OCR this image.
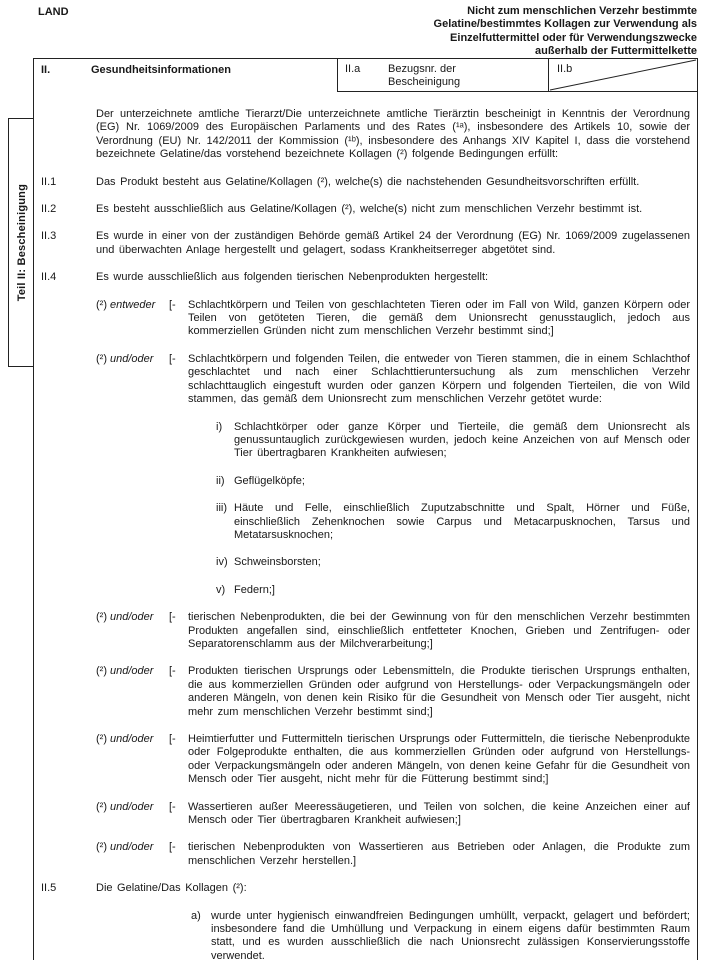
LAND	Nicht zum menschlichen Verzehr bestimmte
Gelatine/bestimmtes Kollagen zur Verwendung als
Einzelfuttermittel oder für Verwendungszwecke
außerhalb der Futtermittelkette
Teil II: Bescheinigung
II.	Gesundheitsinformationen	II.a	Bezugsnr. der Bescheinigung
II.b
Der unterzeichnete amtliche Tierarzt/Die unterzeichnete amtliche Tierärztin bescheinigt in Kenntnis der Verordnung (EG) Nr. 1069/2009 des Europäischen Parlaments und des Rates (¹ᵃ), insbesondere des Artikels 10, sowie der Verordnung (EU) Nr. 142/2011 der Kommission (¹ᵇ), insbesondere des Anhangs XIV Kapitel I, dass die vorstehend bezeichnete Gelatine/das vorstehend bezeichnete Kollagen (²) folgende Bedingungen erfüllt:
II.1	Das Produkt besteht aus Gelatine/Kollagen (²), welche(s) die nachstehenden Gesundheitsvorschriften erfüllt.
II.2	Es besteht ausschließlich aus Gelatine/Kollagen (²), welche(s) nicht zum menschlichen Verzehr bestimmt ist.
II.3	Es wurde in einer von der zuständigen Behörde gemäß Artikel 24 der Verordnung (EG) Nr. 1069/2009 zugelassenen und überwachten Anlage hergestellt und gelagert, sodass Krankheitserreger abgetötet sind.
II.4	Es wurde ausschließlich aus folgenden tierischen Nebenprodukten hergestellt:
(²) entweder	[-	Schlachtkörpern und Teilen von geschlachteten Tieren oder im Fall von Wild, ganzen Körpern oder Teilen von getöteten Tieren, die gemäß dem Unionsrecht genusstauglich, jedoch aus kommerziellen Gründen nicht zum menschlichen Verzehr bestimmt sind;]
(²) und/oder	[-	Schlachtkörpern und folgenden Teilen, die entweder von Tieren stammen, die in einem Schlachthof geschlachtet und nach einer Schlachttieruntersuchung als zum menschlichen Verzehr schlachttauglich eingestuft wurden oder ganzen Körpern und folgenden Tierteilen, die von Wild stammen, das gemäß dem Unionsrecht zum menschlichen Verzehr getötet wurde:
i)	Schlachtkörper oder ganze Körper und Tierteile, die gemäß dem Unionsrecht als genussuntauglich zurückgewiesen wurden, jedoch keine Anzeichen von auf Mensch oder Tier übertragbaren Krankheiten aufwiesen;
ii) Geflügelköpfe;
iii) Häute und Felle, einschließlich Zuputzabschnitte und Spalt, Hörner und Füße, einschließlich Zehenknochen sowie Carpus und Metacarpusknochen, Tarsus und Metatarsusknochen;
iv) Schweinsborsten;
v) Federn;]
(²) und/oder	[-	tierischen Nebenprodukten, die bei der Gewinnung von für den menschlichen Verzehr bestimmten Produkten angefallen sind, einschließlich entfetteter Knochen, Grieben und Zentrifugen- oder Separatorenschlamm aus der Milchverarbeitung;]
(²) und/oder	[-	Produkten tierischen Ursprungs oder Lebensmitteln, die Produkte tierischen Ursprungs enthalten, die aus kommerziellen Gründen oder aufgrund von Herstellungs- oder Verpackungsmängeln oder anderen Mängeln, von denen kein Risiko für die Gesundheit von Mensch oder Tier ausgeht, nicht mehr zum menschlichen Verzehr bestimmt sind;]
(²) und/oder	[-	Heimtierfutter und Futtermitteln tierischen Ursprungs oder Futtermitteln, die tierische Nebenprodukte oder Folgeprodukte enthalten, die aus kommerziellen Gründen oder aufgrund von Herstellungs- oder Verpackungsmängeln oder anderen Mängeln, von denen keine Gefahr für die Gesundheit von Mensch oder Tier ausgeht, nicht mehr für die Fütterung bestimmt sind;]
(²) und/oder	[-	Wassertieren außer Meeressäugetieren, und Teilen von solchen, die keine Anzeichen einer auf Mensch oder Tier übertragbaren Krankheit aufwiesen;]
(²) und/oder	[-	tierischen Nebenprodukten von Wassertieren aus Betrieben oder Anlagen, die Produkte zum menschlichen Verzehr herstellen.]
II.5	Die Gelatine/Das Kollagen (²):
a) wurde unter hygienisch einwandfreien Bedingungen umhüllt, verpackt, gelagert und befördert; insbesondere fand die Umhüllung und Verpackung in einem eigens dafür bestimmten Raum statt, und es wurden ausschließlich die nach Unionsrecht zulässigen Konservierungsstoffe verwendet.
